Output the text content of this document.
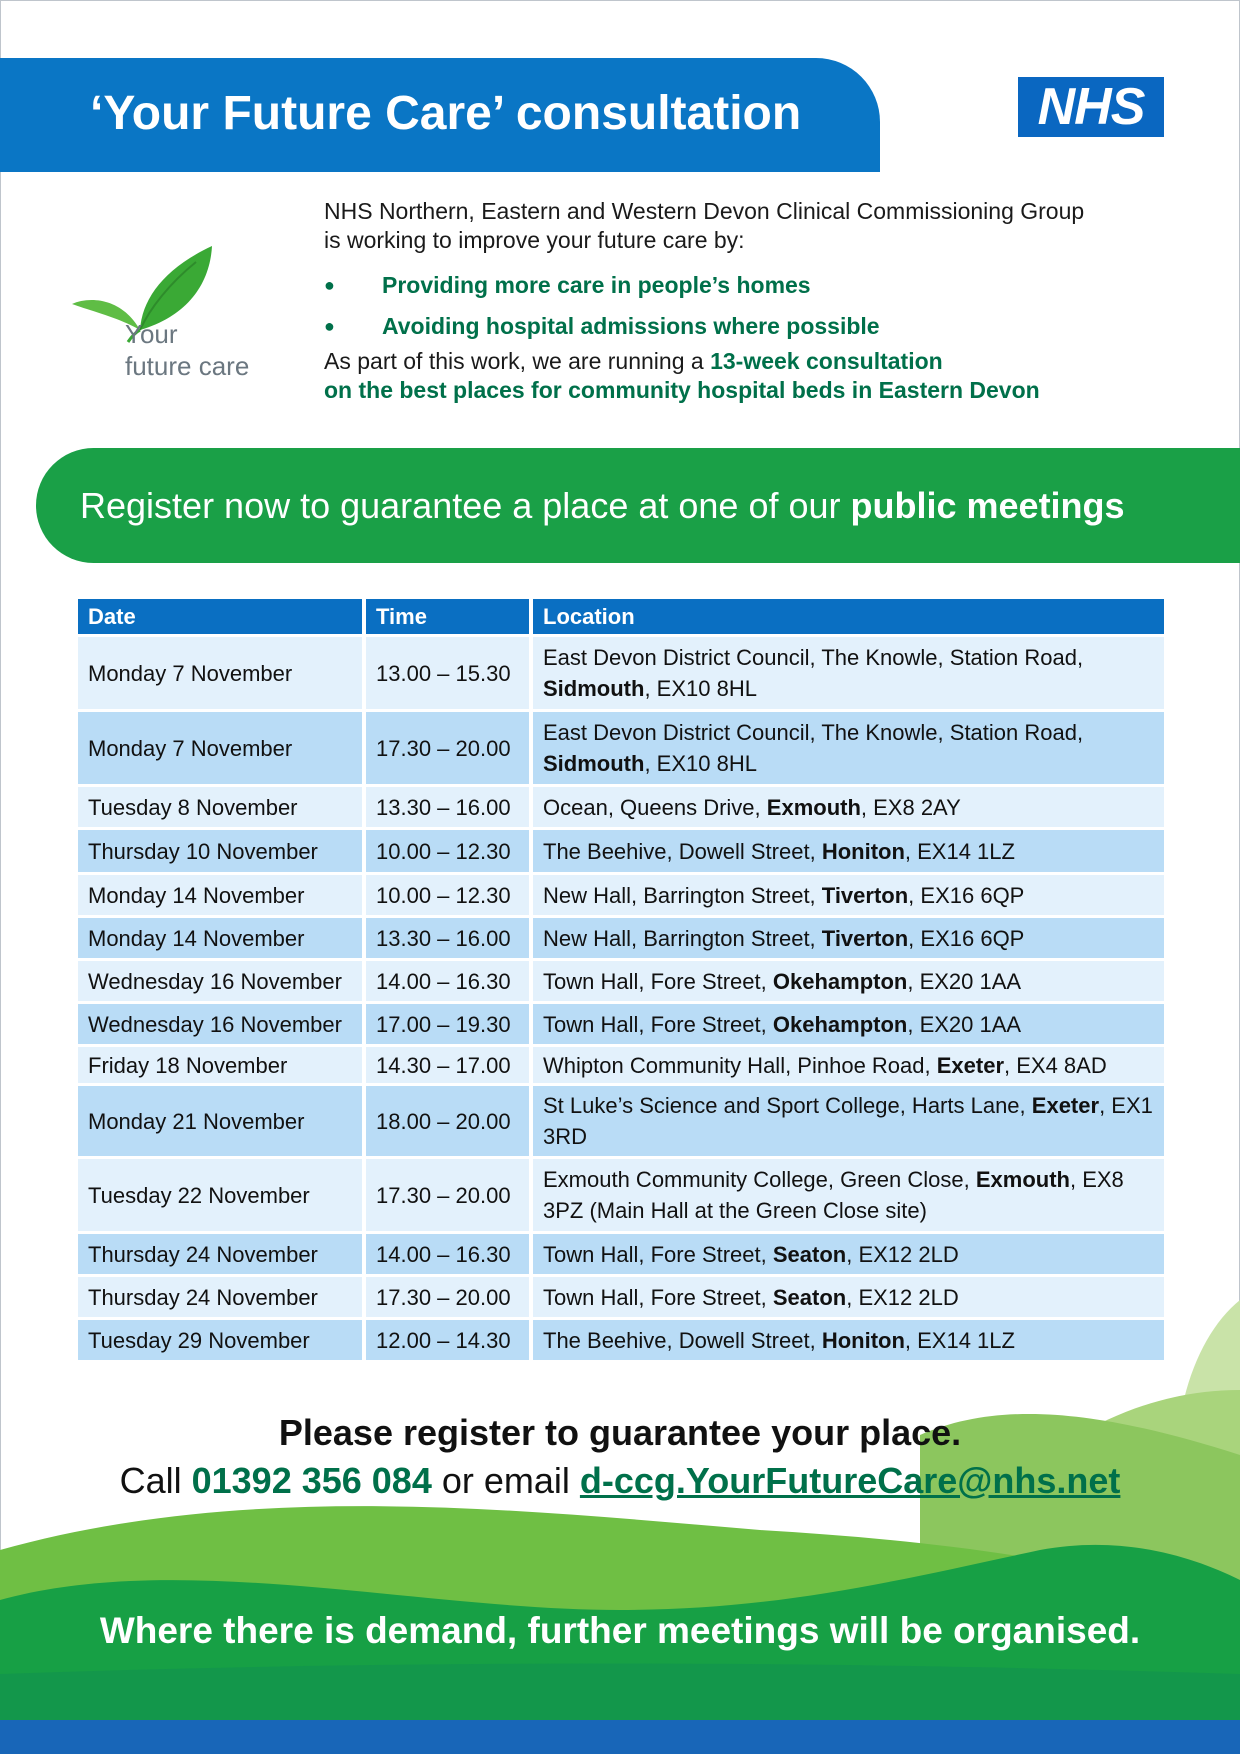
‘Your Future Care’ consultation	NHS
Your
future care

NHS Northern, Eastern and Western Devon Clinical Commissioning Group

is working to improve your future care by:

● Providing more care in people’s homes
● Avoiding hospital admissions where possible

As part of this work, we are running a 13-week consultation
on the best places for community hospital beds in Eastern Devon

Register now to guarantee a place at one of our public meetings
Date	Time	Location
Monday 7 November	13.00 – 15.30	East Devon District Council, The Knowle, Station Road,
Sidmouth, EX10 8HL
Monday 7 November	17.30 – 20.00	East Devon District Council, The Knowle, Station Road,
Sidmouth, EX10 8HL
Tuesday 8 November	13.30 – 16.00	Ocean, Queens Drive, Exmouth, EX8 2AY
Thursday 10 November	10.00 – 12.30	The Beehive, Dowell Street, Honiton, EX14 1LZ
Monday 14 November	10.00 – 12.30	New Hall, Barrington Street, Tiverton, EX16 6QP
Monday 14 November	13.30 – 16.00	New Hall, Barrington Street, Tiverton, EX16 6QP
Wednesday 16 November	14.00 – 16.30	Town Hall, Fore Street, Okehampton, EX20 1AA
Wednesday 16 November	17.00 – 19.30	Town Hall, Fore Street, Okehampton, EX20 1AA
Friday 18 November	14.30 – 17.00	Whipton Community Hall, Pinhoe Road, Exeter, EX4 8AD
Monday 21 November	18.00 – 20.00	St Luke’s Science and Sport College, Harts Lane, Exeter, EX1 3RD
Tuesday 22 November	17.30 – 20.00	Exmouth Community College, Green Close, Exmouth, EX8 3PZ (Main Hall at the Green Close site)
Thursday 24 November	14.00 – 16.30	Town Hall, Fore Street, Seaton, EX12 2LD
Thursday 24 November	17.30 – 20.00	Town Hall, Fore Street, Seaton, EX12 2LD
Tuesday 29 November	12.00 – 14.30	The Beehive, Dowell Street, Honiton, EX14 1LZ
Please register to guarantee your place.
Call 01392 356 084 or email d-ccg.YourFutureCare@nhs.net
Where there is demand, further meetings will be organised.
